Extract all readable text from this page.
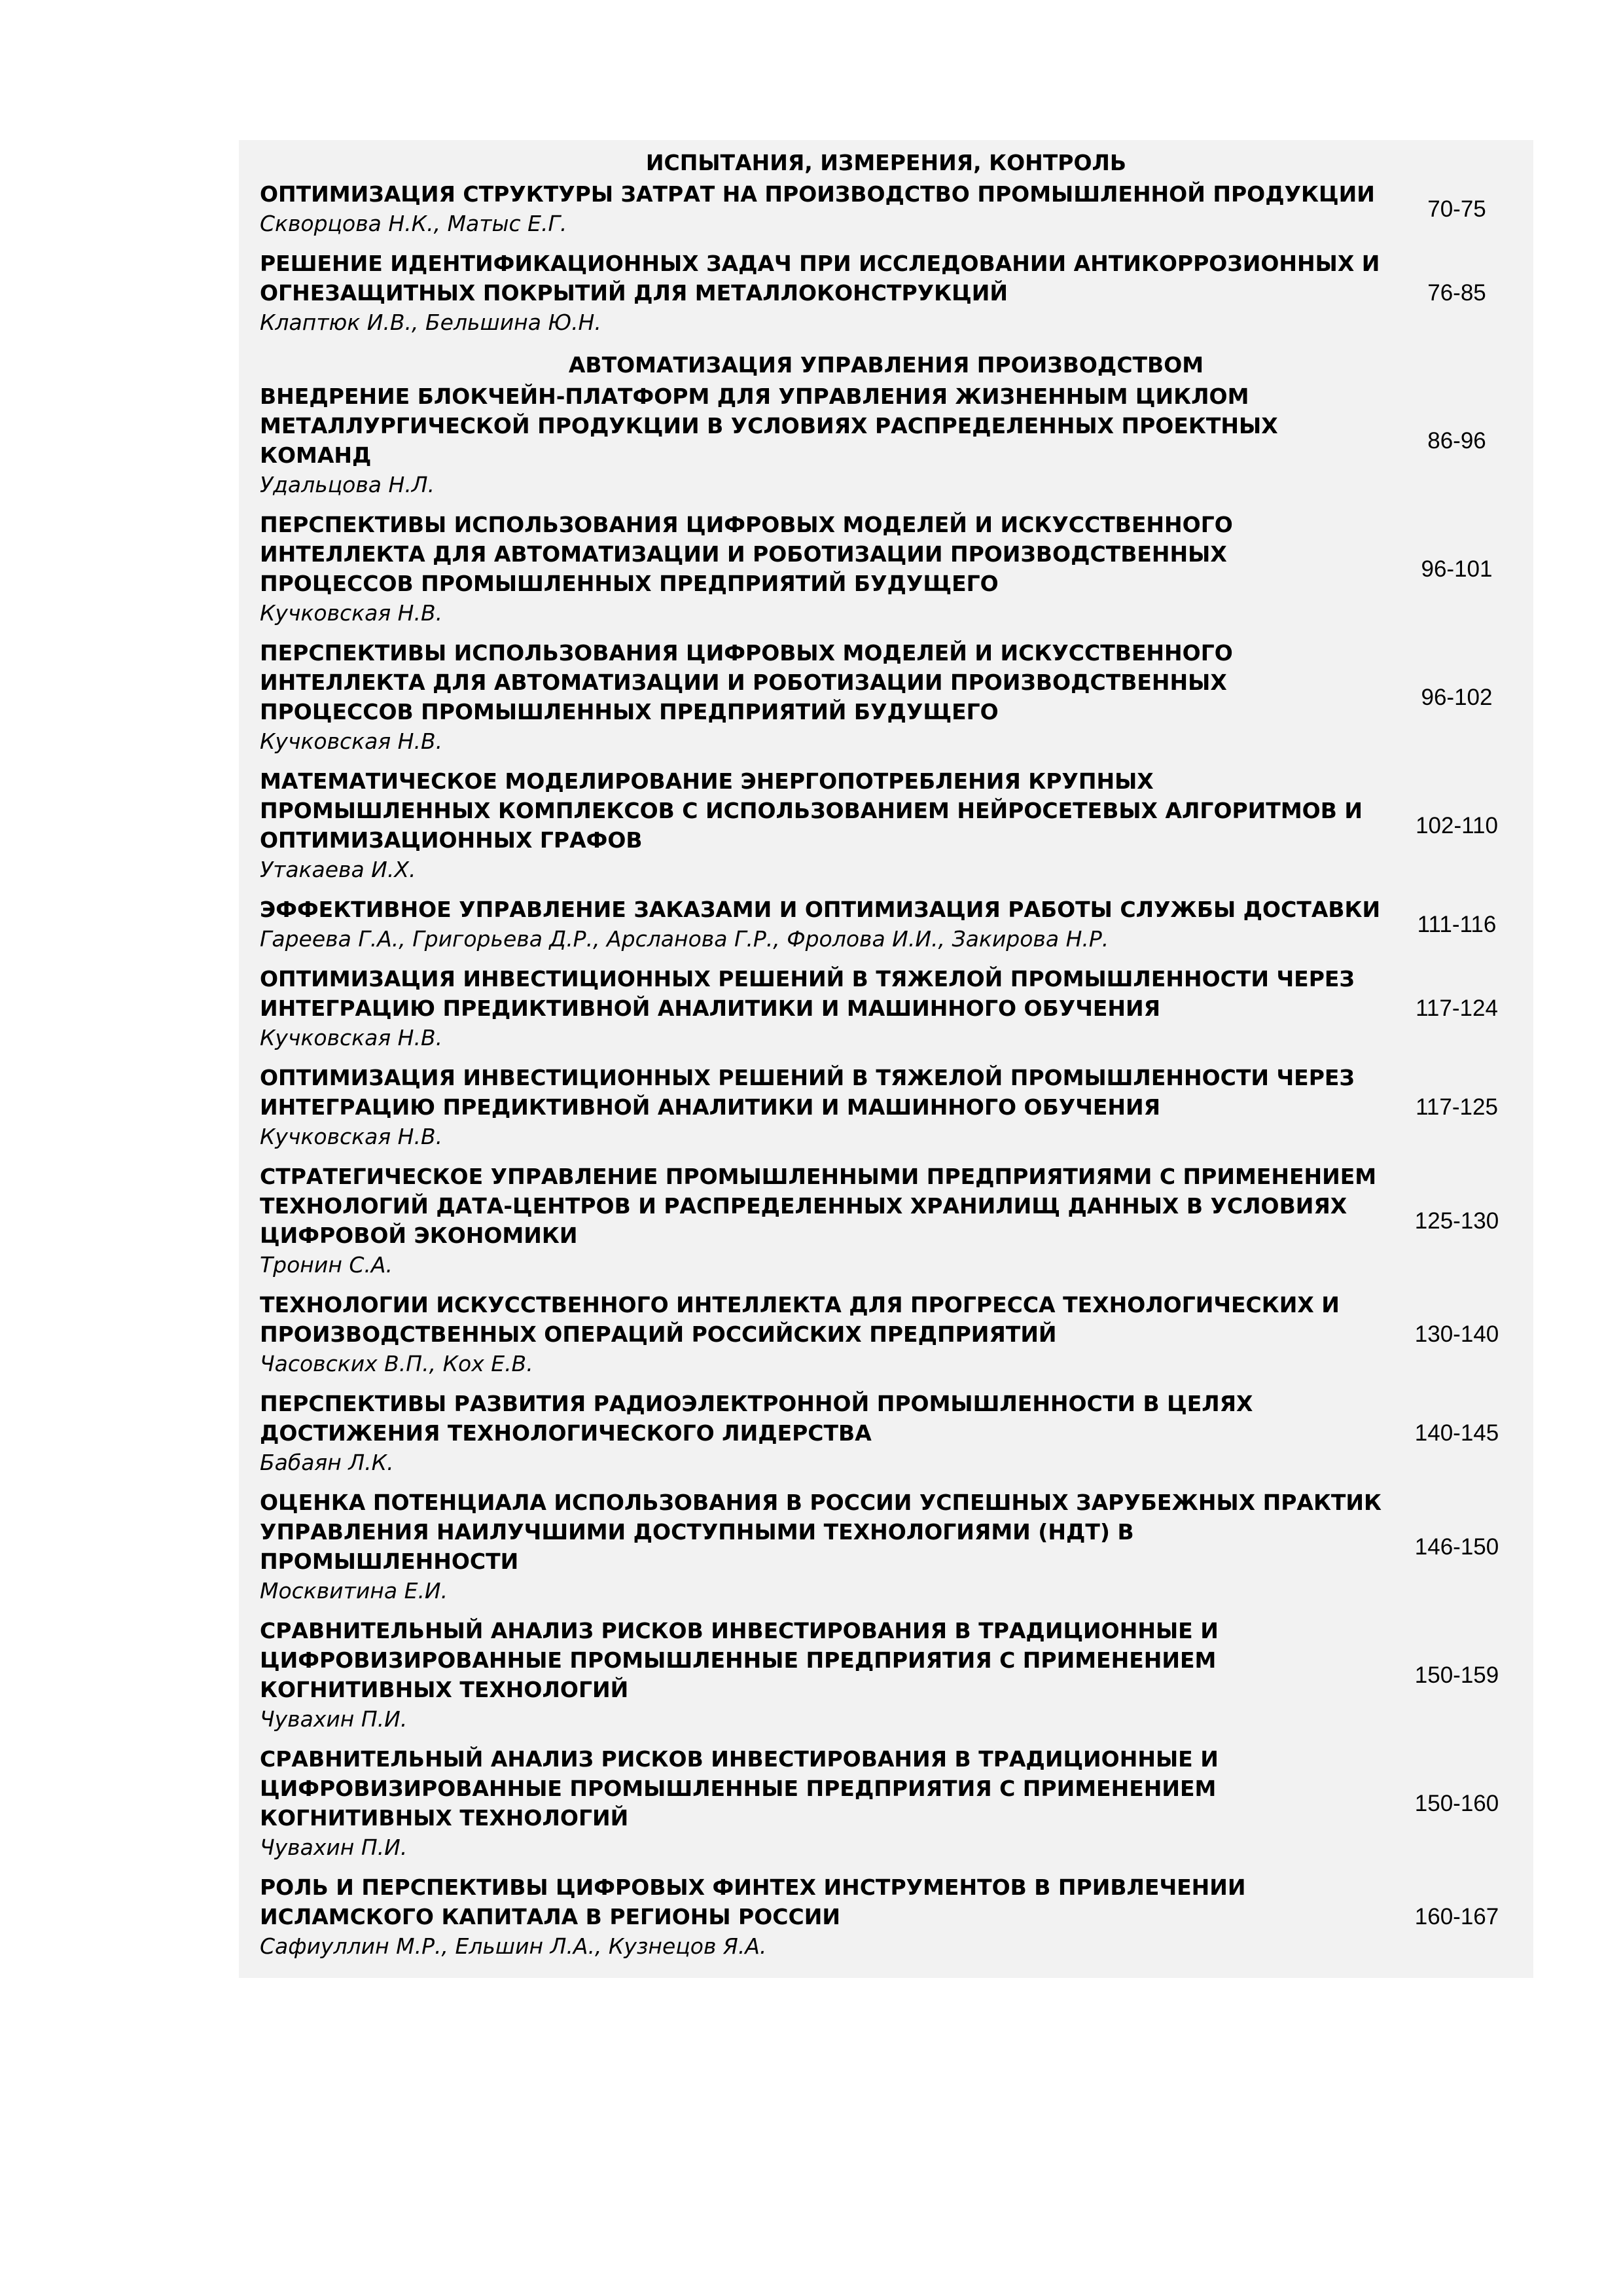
ИСПЫТАНИЯ, ИЗМЕРЕНИЯ, КОНТРОЛЬ
ОПТИМИЗАЦИЯ СТРУКТУРЫ ЗАТРАТ НА ПРОИЗВОДСТВО ПРОМЫШЛЕННОЙ ПРОДУКЦИИ
Скворцова Н.К., Матыс Е.Г.
70-75
РЕШЕНИЕ ИДЕНТИФИКАЦИОННЫХ ЗАДАЧ ПРИ ИССЛЕДОВАНИИ АНТИКОРРОЗИОННЫХ И ОГНЕЗАЩИТНЫХ ПОКРЫТИЙ ДЛЯ МЕТАЛЛОКОНСТРУКЦИЙ
Клаптюк И.В., Бельшина Ю.Н.
76-85
АВТОМАТИЗАЦИЯ УПРАВЛЕНИЯ ПРОИЗВОДСТВОМ
ВНЕДРЕНИЕ БЛОКЧЕЙН-ПЛАТФОРМ ДЛЯ УПРАВЛЕНИЯ ЖИЗНЕННЫМ ЦИКЛОМ МЕТАЛЛУРГИЧЕСКОЙ ПРОДУКЦИИ В УСЛОВИЯХ РАСПРЕДЕЛЕННЫХ ПРОЕКТНЫХ КОМАНД
Удальцова Н.Л.
86-96
ПЕРСПЕКТИВЫ ИСПОЛЬЗОВАНИЯ ЦИФРОВЫХ МОДЕЛЕЙ И ИСКУССТВЕННОГО ИНТЕЛЛЕКТА ДЛЯ АВТОМАТИЗАЦИИ И РОБОТИЗАЦИИ ПРОИЗВОДСТВЕННЫХ ПРОЦЕССОВ ПРОМЫШЛЕННЫХ ПРЕДПРИЯТИЙ БУДУЩЕГО
Кучковская Н.В.
96-101
ПЕРСПЕКТИВЫ ИСПОЛЬЗОВАНИЯ ЦИФРОВЫХ МОДЕЛЕЙ И ИСКУССТВЕННОГО ИНТЕЛЛЕКТА ДЛЯ АВТОМАТИЗАЦИИ И РОБОТИЗАЦИИ ПРОИЗВОДСТВЕННЫХ ПРОЦЕССОВ ПРОМЫШЛЕННЫХ ПРЕДПРИЯТИЙ БУДУЩЕГО
Кучковская Н.В.
96-102
МАТЕМАТИЧЕСКОЕ МОДЕЛИРОВАНИЕ ЭНЕРГОПОТРЕБЛЕНИЯ КРУПНЫХ ПРОМЫШЛЕННЫХ КОМПЛЕКСОВ С ИСПОЛЬЗОВАНИЕМ НЕЙРОСЕТЕВЫХ АЛГОРИТМОВ И ОПТИМИЗАЦИОННЫХ ГРАФОВ
Утакаева И.Х.
102-110
ЭФФЕКТИВНОЕ УПРАВЛЕНИЕ ЗАКАЗАМИ И ОПТИМИЗАЦИЯ РАБОТЫ СЛУЖБЫ ДОСТАВКИ
Гареева Г.А., Григорьева Д.Р., Арсланова Г.Р., Фролова И.И., Закирова Н.Р.
111-116
ОПТИМИЗАЦИЯ ИНВЕСТИЦИОННЫХ РЕШЕНИЙ В ТЯЖЕЛОЙ ПРОМЫШЛЕННОСТИ ЧЕРЕЗ ИНТЕГРАЦИЮ ПРЕДИКТИВНОЙ АНАЛИТИКИ И МАШИННОГО ОБУЧЕНИЯ
Кучковская Н.В.
117-124
ОПТИМИЗАЦИЯ ИНВЕСТИЦИОННЫХ РЕШЕНИЙ В ТЯЖЕЛОЙ ПРОМЫШЛЕННОСТИ ЧЕРЕЗ ИНТЕГРАЦИЮ ПРЕДИКТИВНОЙ АНАЛИТИКИ И МАШИННОГО ОБУЧЕНИЯ
Кучковская Н.В.
117-125
СТРАТЕГИЧЕСКОЕ УПРАВЛЕНИЕ ПРОМЫШЛЕННЫМИ ПРЕДПРИЯТИЯМИ С ПРИМЕНЕНИЕМ ТЕХНОЛОГИЙ ДАТА-ЦЕНТРОВ И РАСПРЕДЕЛЕННЫХ ХРАНИЛИЩ ДАННЫХ В УСЛОВИЯХ ЦИФРОВОЙ ЭКОНОМИКИ
Тронин С.А.
125-130
ТЕХНОЛОГИИ ИСКУССТВЕННОГО ИНТЕЛЛЕКТА ДЛЯ ПРОГРЕССА ТЕХНОЛОГИЧЕСКИХ И ПРОИЗВОДСТВЕННЫХ ОПЕРАЦИЙ РОССИЙСКИХ ПРЕДПРИЯТИЙ
Часовских В.П., Кох Е.В.
130-140
ПЕРСПЕКТИВЫ РАЗВИТИЯ РАДИОЭЛЕКТРОННОЙ ПРОМЫШЛЕННОСТИ В ЦЕЛЯХ ДОСТИЖЕНИЯ ТЕХНОЛОГИЧЕСКОГО ЛИДЕРСТВА
Бабаян Л.К.
140-145
ОЦЕНКА ПОТЕНЦИАЛА ИСПОЛЬЗОВАНИЯ В РОССИИ УСПЕШНЫХ ЗАРУБЕЖНЫХ ПРАКТИК УПРАВЛЕНИЯ НАИЛУЧШИМИ ДОСТУПНЫМИ ТЕХНОЛОГИЯМИ (НДТ) В ПРОМЫШЛЕННОСТИ
Москвитина Е.И.
146-150
СРАВНИТЕЛЬНЫЙ АНАЛИЗ РИСКОВ ИНВЕСТИРОВАНИЯ В ТРАДИЦИОННЫЕ И ЦИФРОВИЗИРОВАННЫЕ ПРОМЫШЛЕННЫЕ ПРЕДПРИЯТИЯ С ПРИМЕНЕНИЕМ КОГНИТИВНЫХ ТЕХНОЛОГИЙ
Чувахин П.И.
150-159
СРАВНИТЕЛЬНЫЙ АНАЛИЗ РИСКОВ ИНВЕСТИРОВАНИЯ В ТРАДИЦИОННЫЕ И ЦИФРОВИЗИРОВАННЫЕ ПРОМЫШЛЕННЫЕ ПРЕДПРИЯТИЯ С ПРИМЕНЕНИЕМ КОГНИТИВНЫХ ТЕХНОЛОГИЙ
Чувахин П.И.
150-160
РОЛЬ И ПЕРСПЕКТИВЫ ЦИФРОВЫХ ФИНТЕХ ИНСТРУМЕНТОВ В ПРИВЛЕЧЕНИИ ИСЛАМСКОГО КАПИТАЛА В РЕГИОНЫ РОССИИ
Сафиуллин М.Р., Ельшин Л.А., Кузнецов Я.А.
160-167
